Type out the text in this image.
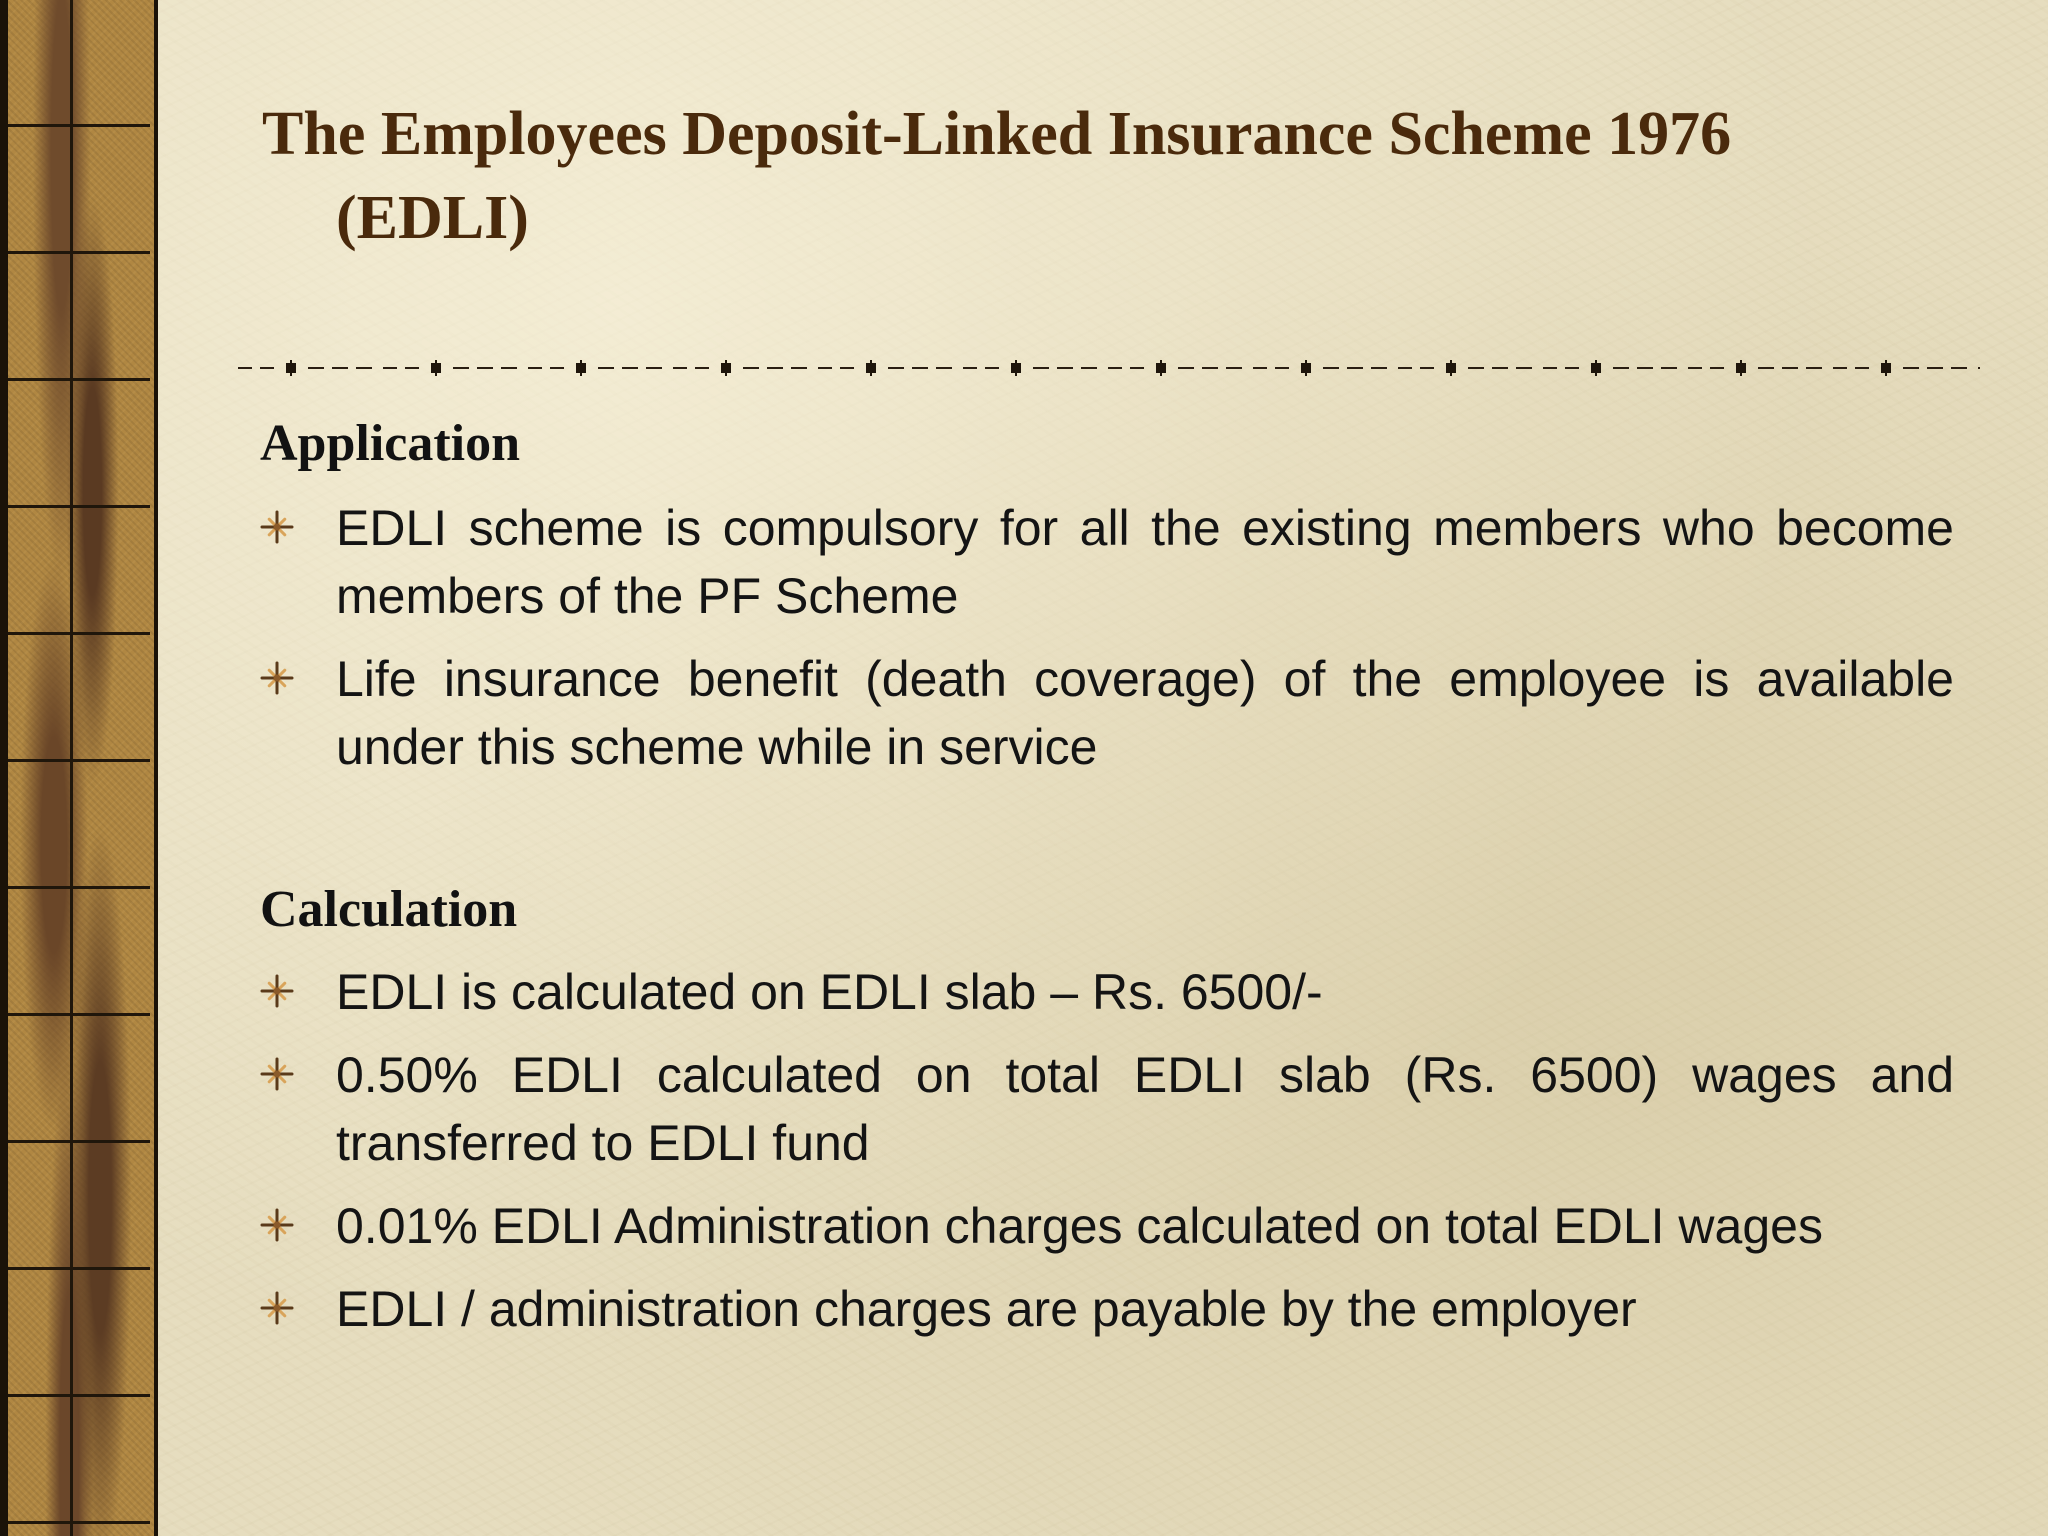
The Employees Deposit-Linked Insurance Scheme 1976
(EDLI)
Application
EDLI scheme is compulsory for all the existing members who become members of the PF Scheme
Life insurance benefit (death coverage) of the employee is available under this scheme while in service
Calculation
EDLI is calculated on EDLI slab – Rs. 6500/-
0.50% EDLI calculated on total EDLI slab (Rs. 6500) wages and transferred to EDLI fund
0.01% EDLI Administration charges calculated on total EDLI wages
EDLI / administration charges are payable by the employer
